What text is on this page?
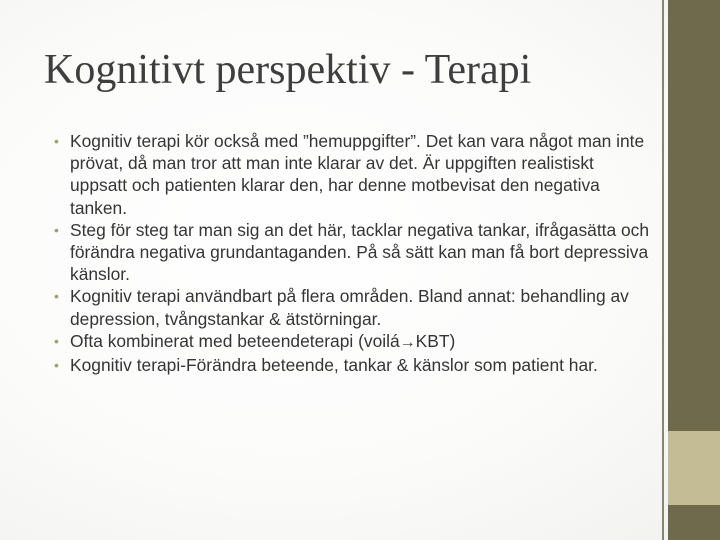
Kognitivt perspektiv - Terapi
• Kognitiv terapi kör också med ”hemuppgifter”. Det kan vara något man inte prövat, då man tror att man inte klarar av det. Är uppgiften realistiskt uppsatt och patienten klarar den, har denne motbevisat den negativa tanken.
• Steg för steg tar man sig an det här, tacklar negativa tankar, ifrågasätta och förändra negativa grundantaganden. På så sätt kan man få bort depressiva känslor.
• Kognitiv terapi användbart på flera områden. Bland annat: behandling av depression, tvångstankar & ätstörningar.
• Ofta kombinerat med beteendeterapi (voilá→KBT)
• Kognitiv terapi-Förändra beteende, tankar & känslor som patient har.
